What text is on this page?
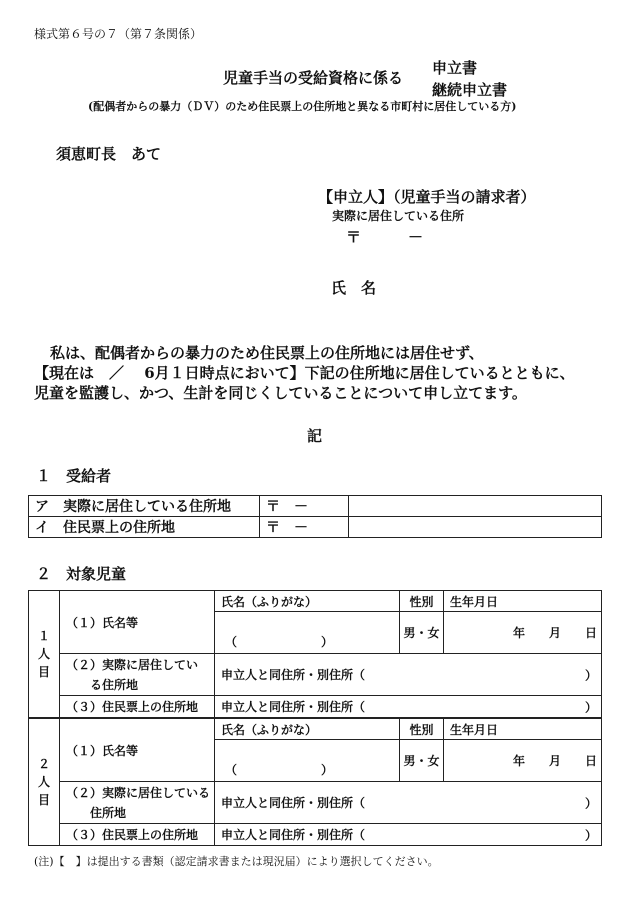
様式第６号の７（第７条関係）
児童手当の受給資格に係る
申立書
継続申立書
(配偶者からの暴力（ＤＶ）のため住民票上の住所地と異なる市町村に居住している方)
須恵町長　あて
【申立人】（児童手当の請求者）
実際に居住している住所
〒	－
氏　名
私は、配偶者からの暴力のため住民票上の住所地には居住せず、
【現在は　／　 6月１日時点において】下記の住所地に居住しているとともに、
児童を監護し、かつ、生計を同じくしていることについて申し立てます。
記
１　受給者
ア　実際に居住している住所地	〒　－	
イ　住民票上の住所地	〒　－	
２　対象児童
１
人
目	（１）氏名等	氏名（ふりがな）	性別	生年月日
		（　　　　　　　）	男・女	年　　月　　日
	（２）実際に居住してい
　　る住所地	申立人と同住所・別住所（ ）		

	（３）住民票上の住所地	申立人と同住所・別住所（ ）		
２
人
目	（１）氏名等	氏名（ふりがな）	性別	生年月日
		（　　　　　　　）	男・女	年　　月　　日
	（２）実際に居住している
　　住所地	申立人と同住所・別住所（ ）		

	（３）住民票上の住所地	申立人と同住所・別住所（ ）		
(注)【　】は提出する書類（認定請求書または現況届）により選択してください。
